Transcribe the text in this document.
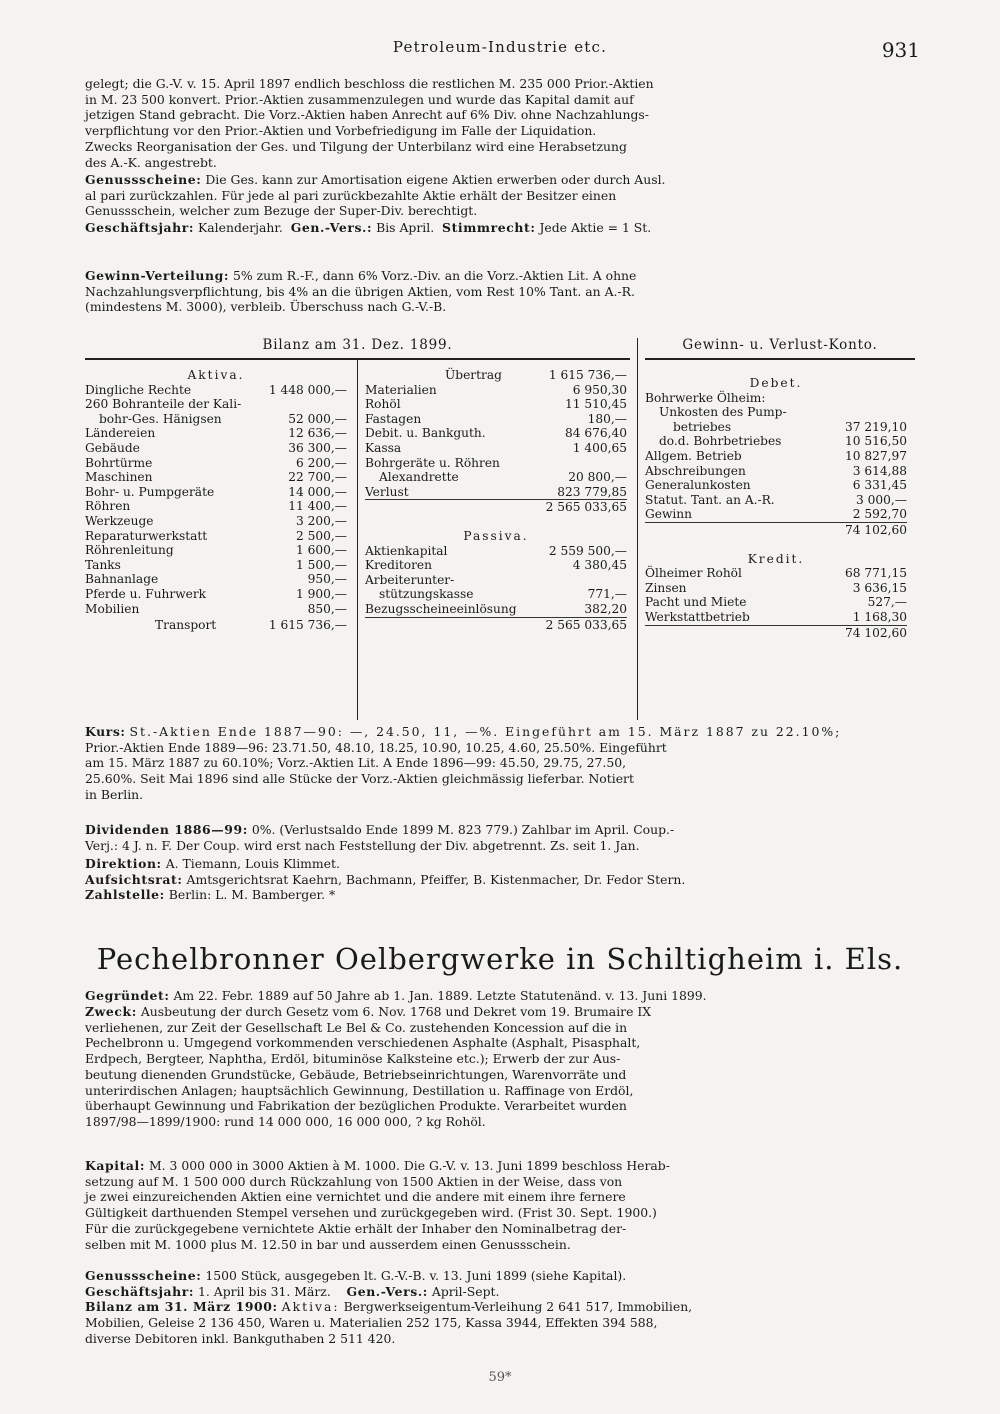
Petroleum-Industrie etc.	931

gelegt; die G.-V. v. 15. April 1897 endlich beschloss die restlichen M. 235 000 Prior.-Aktien

in M. 23 500 konvert. Prior.-Aktien zusammenzulegen und wurde das Kapital damit auf

jetzigen Stand gebracht. Die Vorz.-Aktien haben Anrecht auf 6% Div. ohne Nachzahlungs-

verpflichtung vor den Prior.-Aktien und Vorbefriedigung im Falle der Liquidation.

Zwecks Reorganisation der Ges. und Tilgung der Unterbilanz wird eine Herabsetzung

des A.-K. angestrebt.

Genussscheine: Die Ges. kann zur Amortisation eigene Aktien erwerben oder durch Ausl.

al pari zurückzahlen. Für jede al pari zurückbezahlte Aktie erhält der Besitzer einen

Genussschein, welcher zum Bezuge der Super-Div. berechtigt.

Geschäftsjahr: Kalenderjahr. Gen.-Vers.: Bis April. Stimmrecht: Jede Aktie = 1 St.

Gewinn-Verteilung: 5% zum R.-F., dann 6% Vorz.-Div. an die Vorz.-Aktien Lit. A ohne

Nachzahlungsverpflichtung, bis 4% an die übrigen Aktien, vom Rest 10% Tant. an A.-R.

(mindestens M. 3000), verbleib. Überschuss nach G.-V.-B.

Bilanz am 31. Dez. 1899.	Gewinn- u. Verlust-Konto.
Aktiva.
Dingliche Rechte	1 448 000,—
260 Bohranteile der Kali-
bohr-Ges. Hänigsen	52 000,—
Ländereien	12 636,—
Gebäude	36 300,—
Bohrtürme	6 200,—
Maschinen	22 700,—
Bohr- u. Pumpgeräte	14 000,—
Röhren	11 400,—
Werkzeuge	3 200,—
Reparaturwerkstatt	2 500,—
Röhrenleitung	1 600,—
Tanks	1 500,—
Bahnanlage	950,—
Pferde u. Fuhrwerk	1 900,—
Mobilien	850,—
Transport	1 615 736,—
Übertrag	1 615 736,—
Materialien	6 950,30
Rohöl	11 510,45
Fastagen	180,—
Debit. u. Bankguth.	84 676,40
Kassa	1 400,65
Bohrgeräte u. Röhren
Alexandrette	20 800,—
Verlust	823 779,85
2 565 033,65
Passiva.
Aktienkapital	2 559 500,—
Kreditoren	4 380,45
Arbeiterunter-
stützungskasse	771,—
Bezugsscheineeinlösung	382,20
2 565 033,65
Debet.
Bohrwerke Ölheim:
Unkosten des Pump-
betriebes	37 219,10
do.d. Bohrbetriebes	10 516,50
Allgem. Betrieb	10 827,97
Abschreibungen	3 614,88
Generalunkosten	6 331,45
Statut. Tant. an A.-R.	3 000,—
Gewinn	2 592,70
74 102,60
Kredit.
Ölheimer Rohöl	68 771,15
Zinsen	3 636,15
Pacht und Miete	527,—
Werkstattbetrieb	1 168,30
74 102,60

Kurs: St.-Aktien Ende 1887—90: —, 24.50, 11, —%. Eingeführt am 15. März 1887 zu 22.10%;

Prior.-Aktien Ende 1889—96: 23.71.50, 48.10, 18.25, 10.90, 10.25, 4.60, 25.50%. Eingeführt

am 15. März 1887 zu 60.10%; Vorz.-Aktien Lit. A Ende 1896—99: 45.50, 29.75, 27.50,

25.60%. Seit Mai 1896 sind alle Stücke der Vorz.-Aktien gleichmässig lieferbar. Notiert

in Berlin.

Dividenden 1886—99: 0%. (Verlustsaldo Ende 1899 M. 823 779.) Zahlbar im April. Coup.-

Verj.: 4 J. n. F. Der Coup. wird erst nach Feststellung der Div. abgetrennt. Zs. seit 1. Jan.

Direktion: A. Tiemann, Louis Klimmet.

Aufsichtsrat: Amtsgerichtsrat Kaehrn, Bachmann, Pfeiffer, B. Kistenmacher, Dr. Fedor Stern.

Zahlstelle: Berlin: L. M. Bamberger. *

Pechelbronner Oelbergwerke in Schiltigheim i. Els.

Gegründet: Am 22. Febr. 1889 auf 50 Jahre ab 1. Jan. 1889. Letzte Statutenänd. v. 13. Juni 1899.

Zweck: Ausbeutung der durch Gesetz vom 6. Nov. 1768 und Dekret vom 19. Brumaire IX

verliehenen, zur Zeit der Gesellschaft Le Bel & Co. zustehenden Koncession auf die in

Pechelbronn u. Umgegend vorkommenden verschiedenen Asphalte (Asphalt, Pisasphalt,

Erdpech, Bergteer, Naphtha, Erdöl, bituminöse Kalksteine etc.); Erwerb der zur Aus-

beutung dienenden Grundstücke, Gebäude, Betriebseinrichtungen, Warenvorräte und

unterirdischen Anlagen; hauptsächlich Gewinnung, Destillation u. Raffinage von Erdöl,

überhaupt Gewinnung und Fabrikation der bezüglichen Produkte. Verarbeitet wurden

1897/98—1899/1900: rund 14 000 000, 16 000 000, ? kg Rohöl.

Kapital: M. 3 000 000 in 3000 Aktien à M. 1000. Die G.-V. v. 13. Juni 1899 beschloss Herab-

setzung auf M. 1 500 000 durch Rückzahlung von 1500 Aktien in der Weise, dass von

je zwei einzureichenden Aktien eine vernichtet und die andere mit einem ihre fernere

Gültigkeit darthuenden Stempel versehen und zurückgegeben wird. (Frist 30. Sept. 1900.)

Für die zurückgegebene vernichtete Aktie erhält der Inhaber den Nominalbetrag der-

selben mit M. 1000 plus M. 12.50 in bar und ausserdem einen Genussschein.

Genussscheine: 1500 Stück, ausgegeben lt. G.-V.-B. v. 13. Juni 1899 (siehe Kapital).

Geschäftsjahr: 1. April bis 31. März. Gen.-Vers.: April-Sept.

Bilanz am 31. März 1900: Aktiva: Bergwerkseigentum-Verleihung 2 641 517, Immobilien,

Mobilien, Geleise 2 136 450, Waren u. Materialien 252 175, Kassa 3944, Effekten 394 588,

diverse Debitoren inkl. Bankguthaben 2 511 420.

59*
